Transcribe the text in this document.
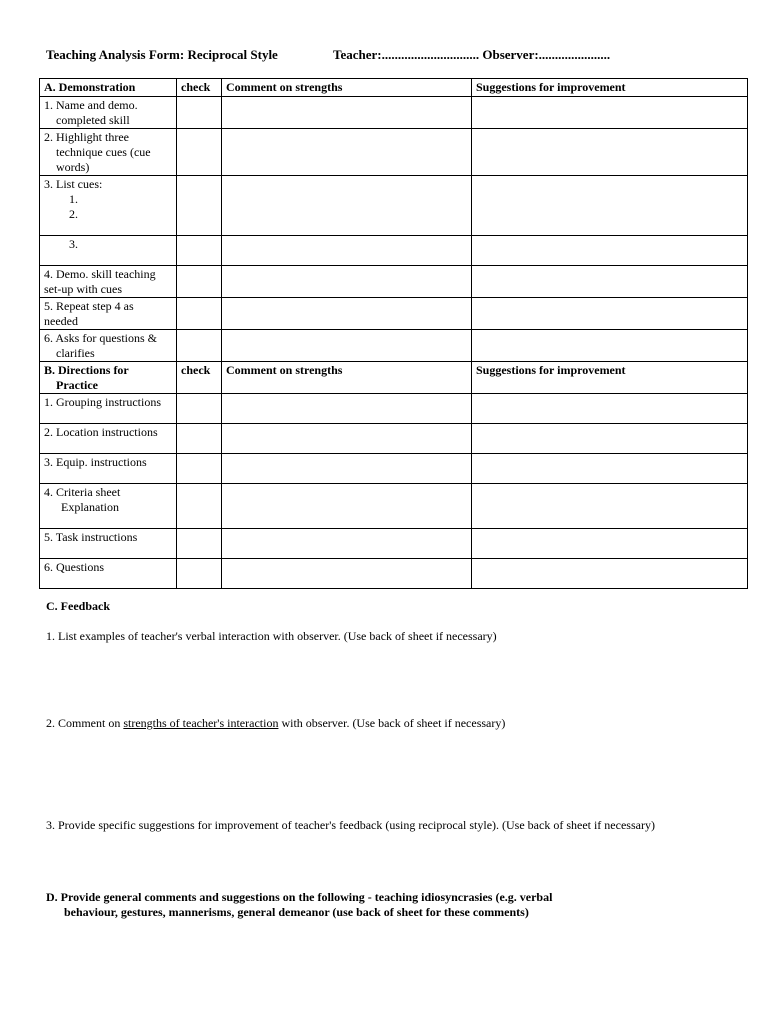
Teaching Analysis Form: Reciprocal Style	Teacher:.............................. Observer:......................
A. Demonstration	check	Comment on strengths	Suggestions for improvement
1. Name and demo.

completed skill			

2. Highlight three

technique cues (cue
words)			

3. List cues:

1.
2.			

3.			

4. Demo. skill teaching
set-up with cues			
5. Repeat step 4 as
needed			
6. Asks for questions &

clarifies			

B. Directions for

Practice	check	Comment on strengths	Suggestions for improvement
1. Grouping instructions			
2. Location instructions			
3. Equip. instructions			
4. Criteria sheet

Explanation			

5. Task instructions			
6. Questions			
C. Feedback
1. List examples of teacher's verbal interaction with observer. (Use back of sheet if necessary)
2. Comment on strengths of teacher's interaction with observer. (Use back of sheet if necessary)
3. Provide specific suggestions for improvement of teacher's feedback (using reciprocal style). (Use back of sheet if necessary)
D. Provide general comments and suggestions on the following - teaching idiosyncrasies (e.g. verbal
behaviour, gestures, mannerisms, general demeanor (use back of sheet for these comments)
